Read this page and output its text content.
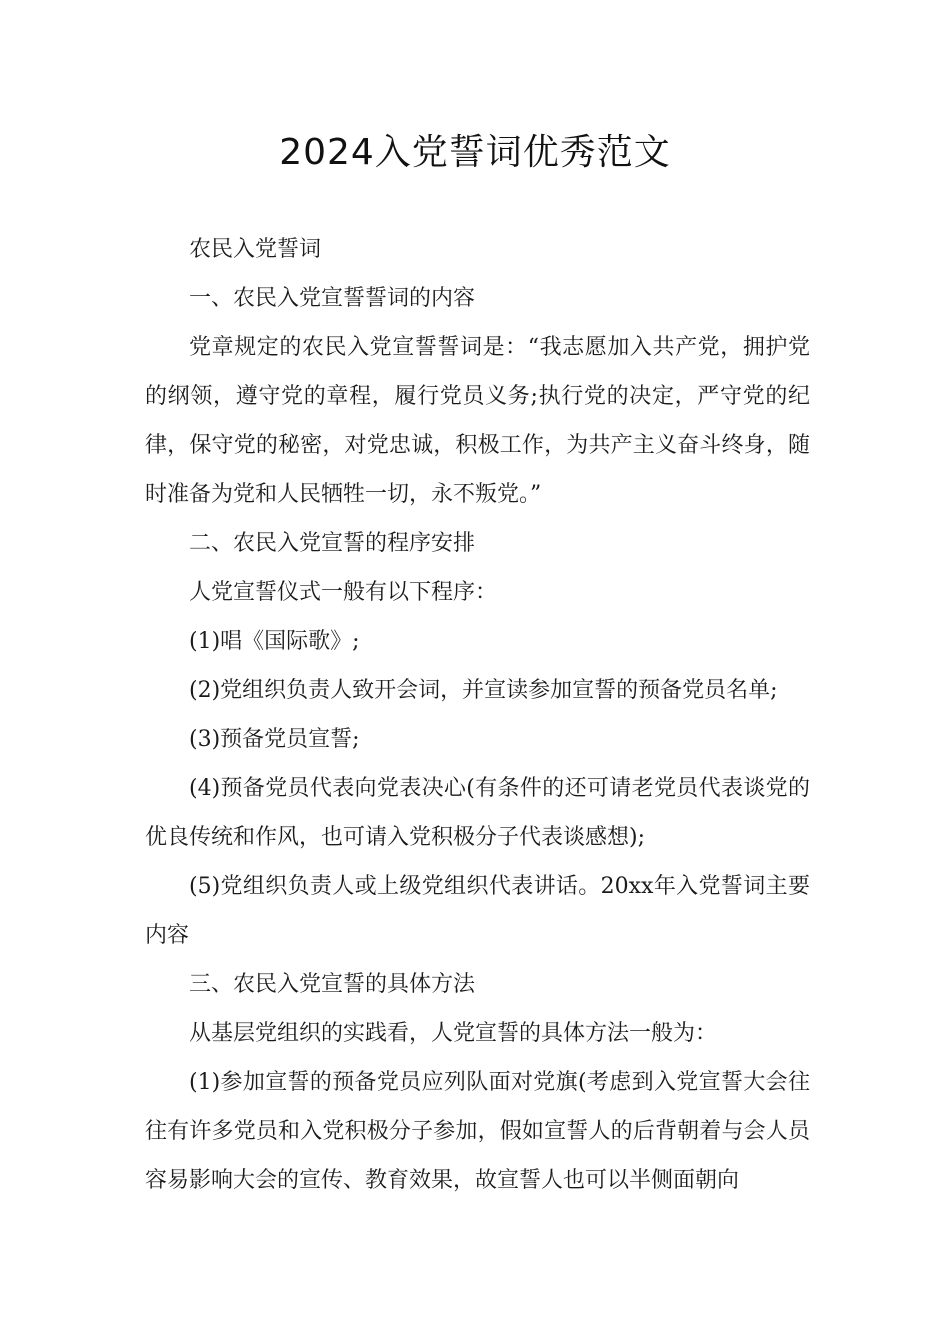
2024入党誓词优秀范文

农民入党誓词

一、农民入党宣誓誓词的内容

党章规定的农民入党宣誓誓词是：“我志愿加入共产党，拥护党的纲领，遵守党的章程，履行党员义务;执行党的决定，严守党的纪律，保守党的秘密，对党忠诚，积极工作，为共产主义奋斗终身，随时准备为党和人民牺牲一切，永不叛党。”

二、农民入党宣誓的程序安排

人党宣誓仪式一般有以下程序：

(1)唱《国际歌》;

(2)党组织负责人致开会词，并宣读参加宣誓的预备党员名单;

(3)预备党员宣誓;

(4)预备党员代表向党表决心(有条件的还可请老党员代表谈党的优良传统和作风，也可请入党积极分子代表谈感想);

(5)党组织负责人或上级党组织代表讲话。20xx年入党誓词主要内容

三、农民入党宣誓的具体方法

从基层党组织的实践看，人党宣誓的具体方法一般为：

(1)参加宣誓的预备党员应列队面对党旗(考虑到入党宣誓大会往往有许多党员和入党积极分子参加，假如宣誓人的后背朝着与会人员容易影响大会的宣传、教育效果，故宣誓人也可以半侧面朝向
